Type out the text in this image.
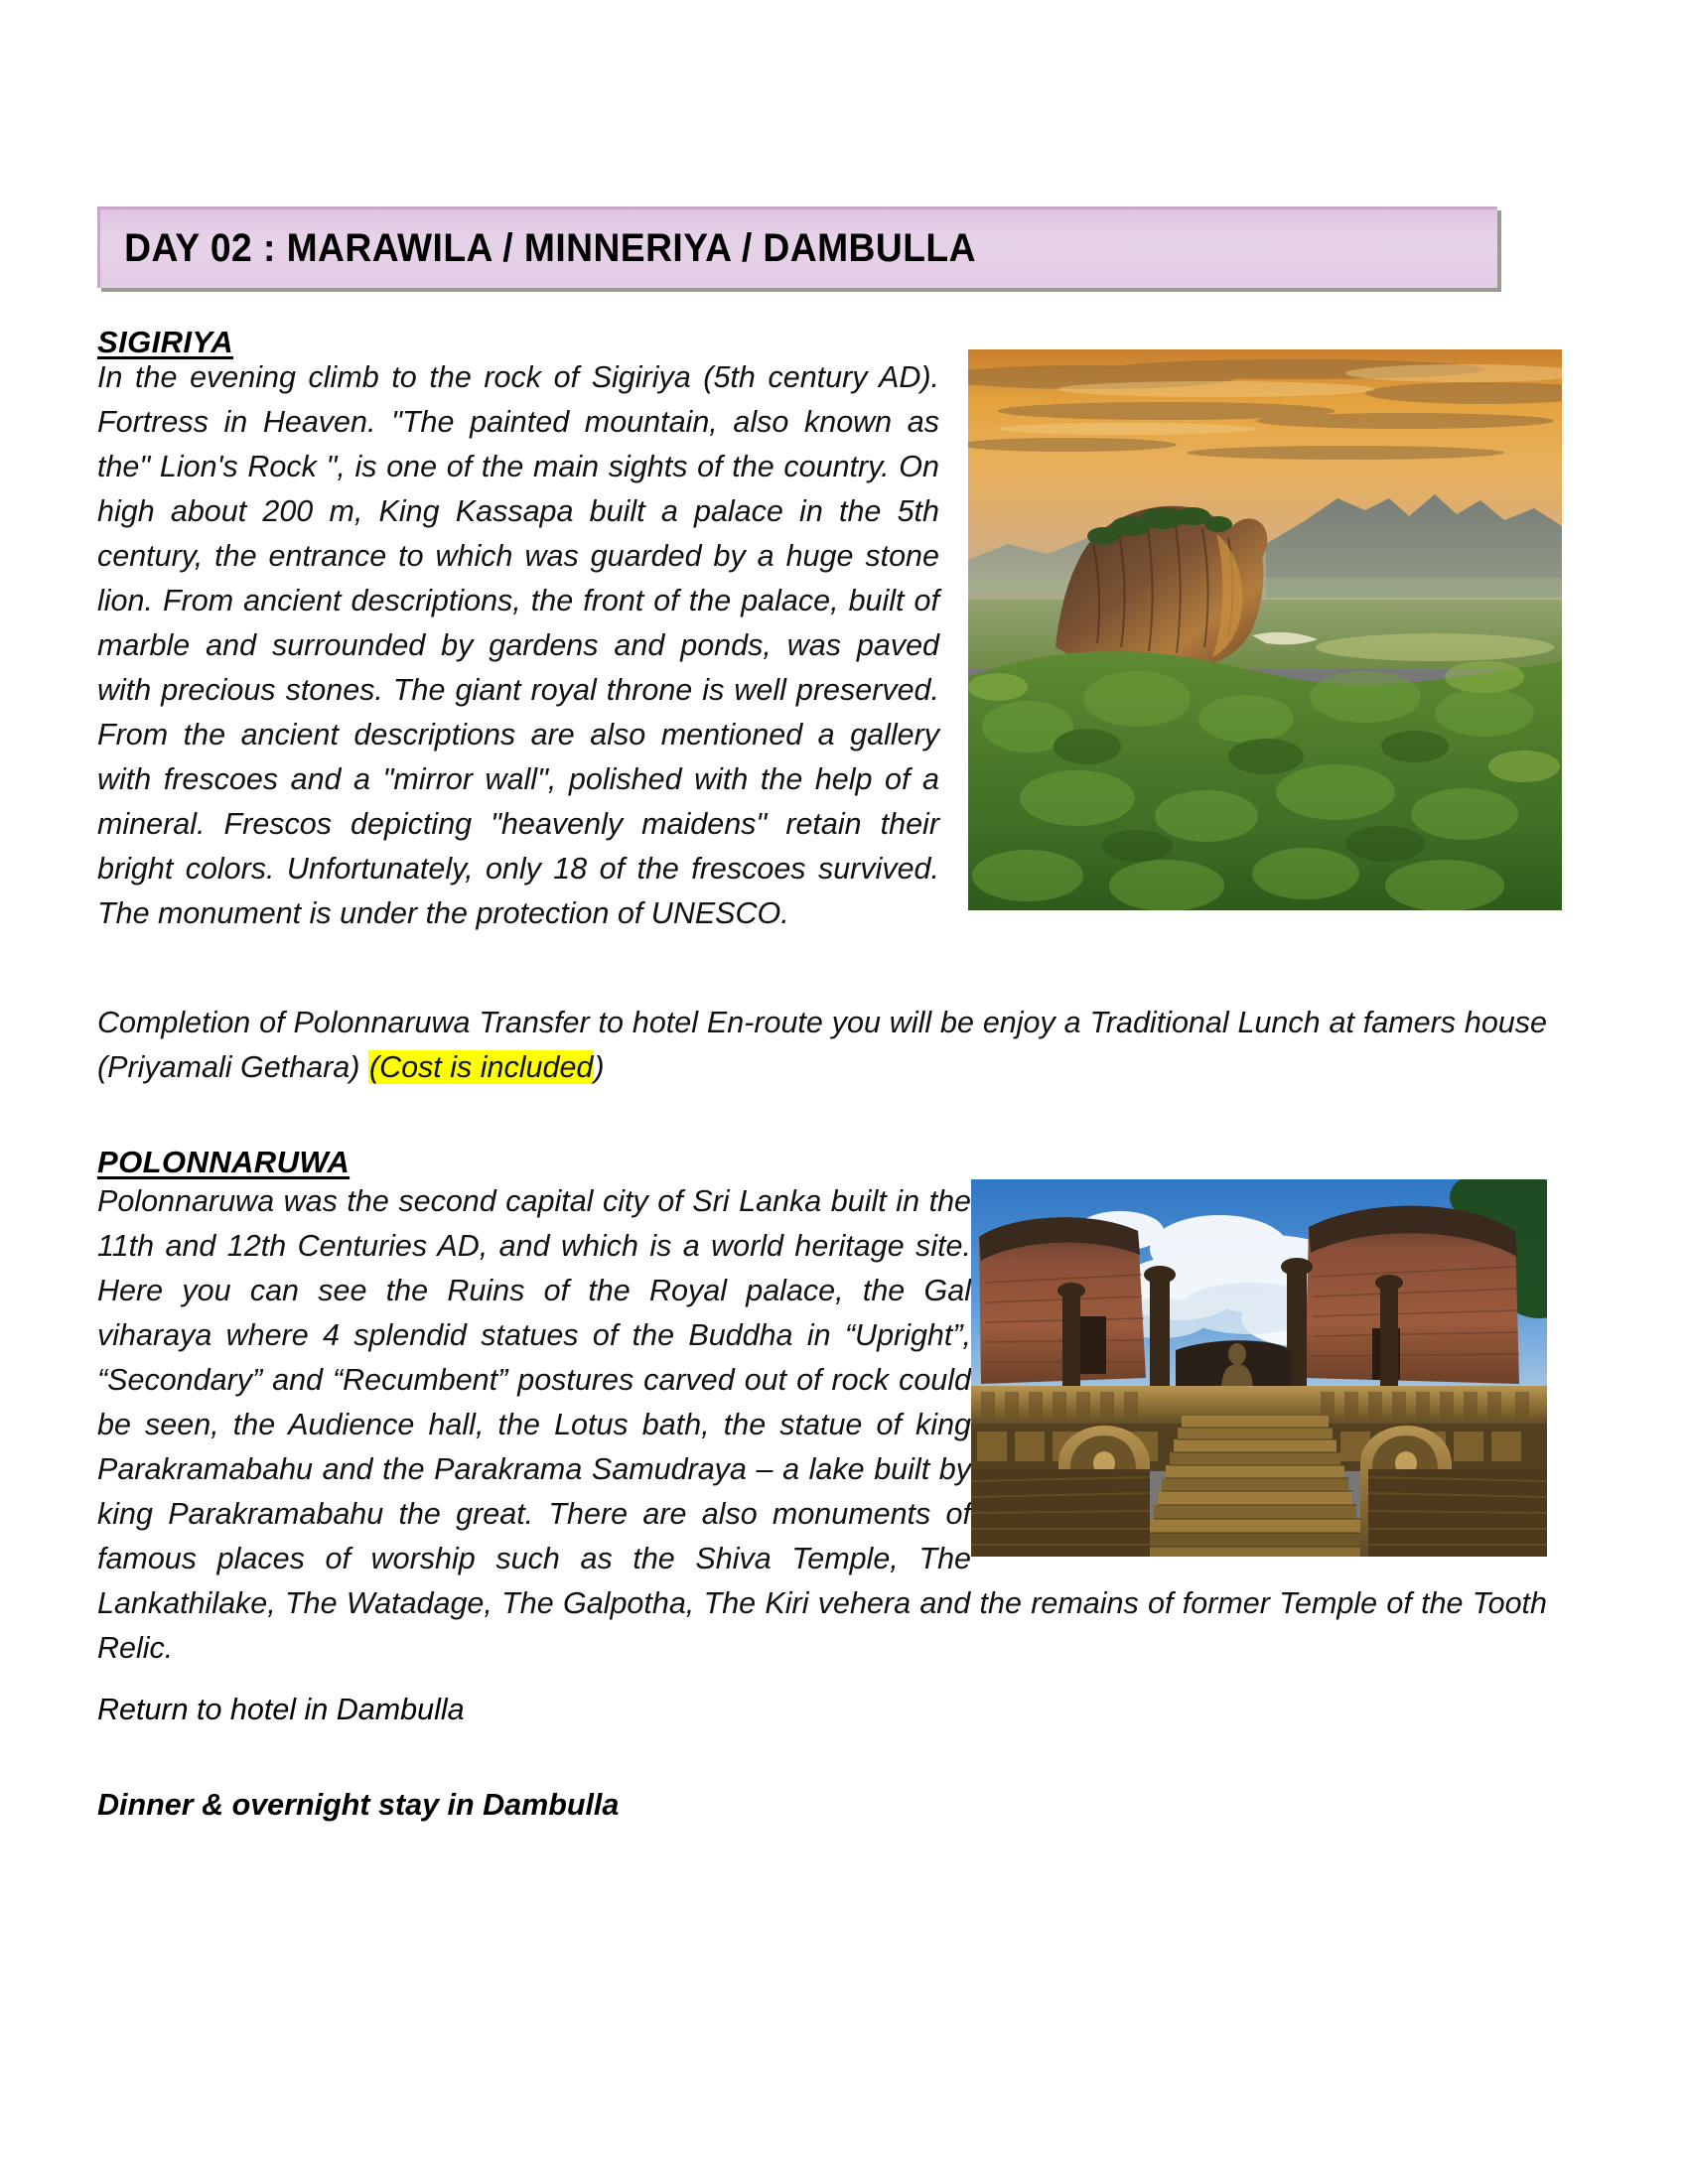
DAY 02 : MARAWILA / MINNERIYA / DAMBULLA
SIGIRIYA

In the evening climb to the rock of Sigiriya (5th century AD). Fortress in Heaven. "The painted mountain, also known as the" Lion's Rock ", is one of the main sights of the country. On high about 200 m, King Kassapa built a palace in the 5th century, the entrance to which was guarded by a huge stone lion. From ancient descriptions, the front of the palace, built of marble and surrounded by gardens and ponds, was paved with precious stones. The giant royal throne is well preserved. From the ancient descriptions are also mentioned a gallery with frescoes and a "mirror wall", polished with the help of a mineral. Frescos depicting "heavenly maidens" retain their bright colors. Unfortunately, only 18 of the frescoes survived. The monument is under the protection of UNESCO.

Completion of Polonnaruwa Transfer to hotel En-route you will be enjoy a Traditional Lunch at famers house (Priyamali Gethara) (Cost is included)

POLONNARUWA

Polonnaruwa was the second capital city of Sri Lanka built in the 11th and 12th Centuries AD, and which is a world heritage site. Here you can see the Ruins of the Royal palace, the Gal viharaya where 4 splendid statues of the Buddha in “Upright”, “Secondary” and “Recumbent” postures carved out of rock could be seen, the Audience hall, the Lotus bath, the statue of king Parakramabahu and the Parakrama Samudraya – a lake built by king Parakramabahu the great. There are also monuments of famous places of worship such as the Shiva Temple, The Lankathilake, The Watadage, The Galpotha, The Kiri vehera and the remains of former Temple of the Tooth Relic.

Return to hotel in Dambulla
Dinner & overnight stay in Dambulla
